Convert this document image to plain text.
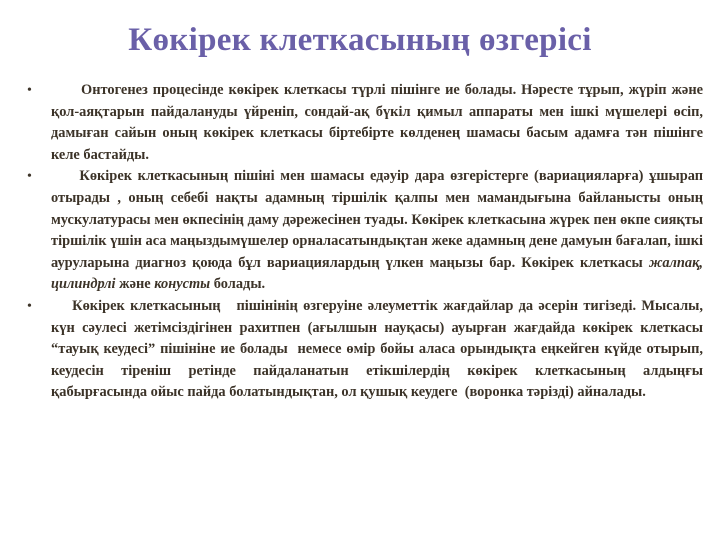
Көкірек клеткасының өзгерісі
• Онтогенез процесінде көкірек клеткасы түрлі пішінге ие болады. Нәресте тұрып, жүріп және қол-аяқтарын пайдалануды үйреніп, сондай-ақ бүкіл қимыл аппараты мен ішкі мүшелері өсіп, дамыған сайын оның көкірек клеткасы біртебірте көлденең шамасы басым адамға тән пішінге келе бастайды.

• Көкірек клеткасының пішіні мен шамасы едәуір дара өзгерістерге (вариацияларға) ұшырап отырады , оның себебі нақты адамның тіршілік қалпы мен мамандығына байланысты оның мускулатурасы мен өкпесінің даму дәрежесінен туады. Көкірек клеткасына жүрек пен өкпе сияқты тіршілік үшін аса маңыздымүшелер орналасатындықтан жеке адамның дене дамуын бағалап, ішкі ауруларына диагноз қоюда бұл вариациялардың үлкен маңызы бар. Көкірек клеткасы жалпақ, цилиндрлі және конусты болады.

• Көкірек клеткасының   пішінінің өзгеруіне әлеуметтік жағдайлар да әсерін тигізеді. Мысалы, күн сәулесі жетімсіздігінен рахитпен (ағылшын науқасы) ауырған жағдайда көкірек клеткасы  “тауық кеудесі” пішініне ие болады  немесе өмір бойы аласа орындықта еңкейген күйде отырып, кеудесін тіреніш ретінде пайдаланатын етікшілердің көкірек клеткасының алдыңғы  қабырғасында ойыс пайда болатындықтан, ол қушық кеудеге  (воронка тәрізді) айналады.
